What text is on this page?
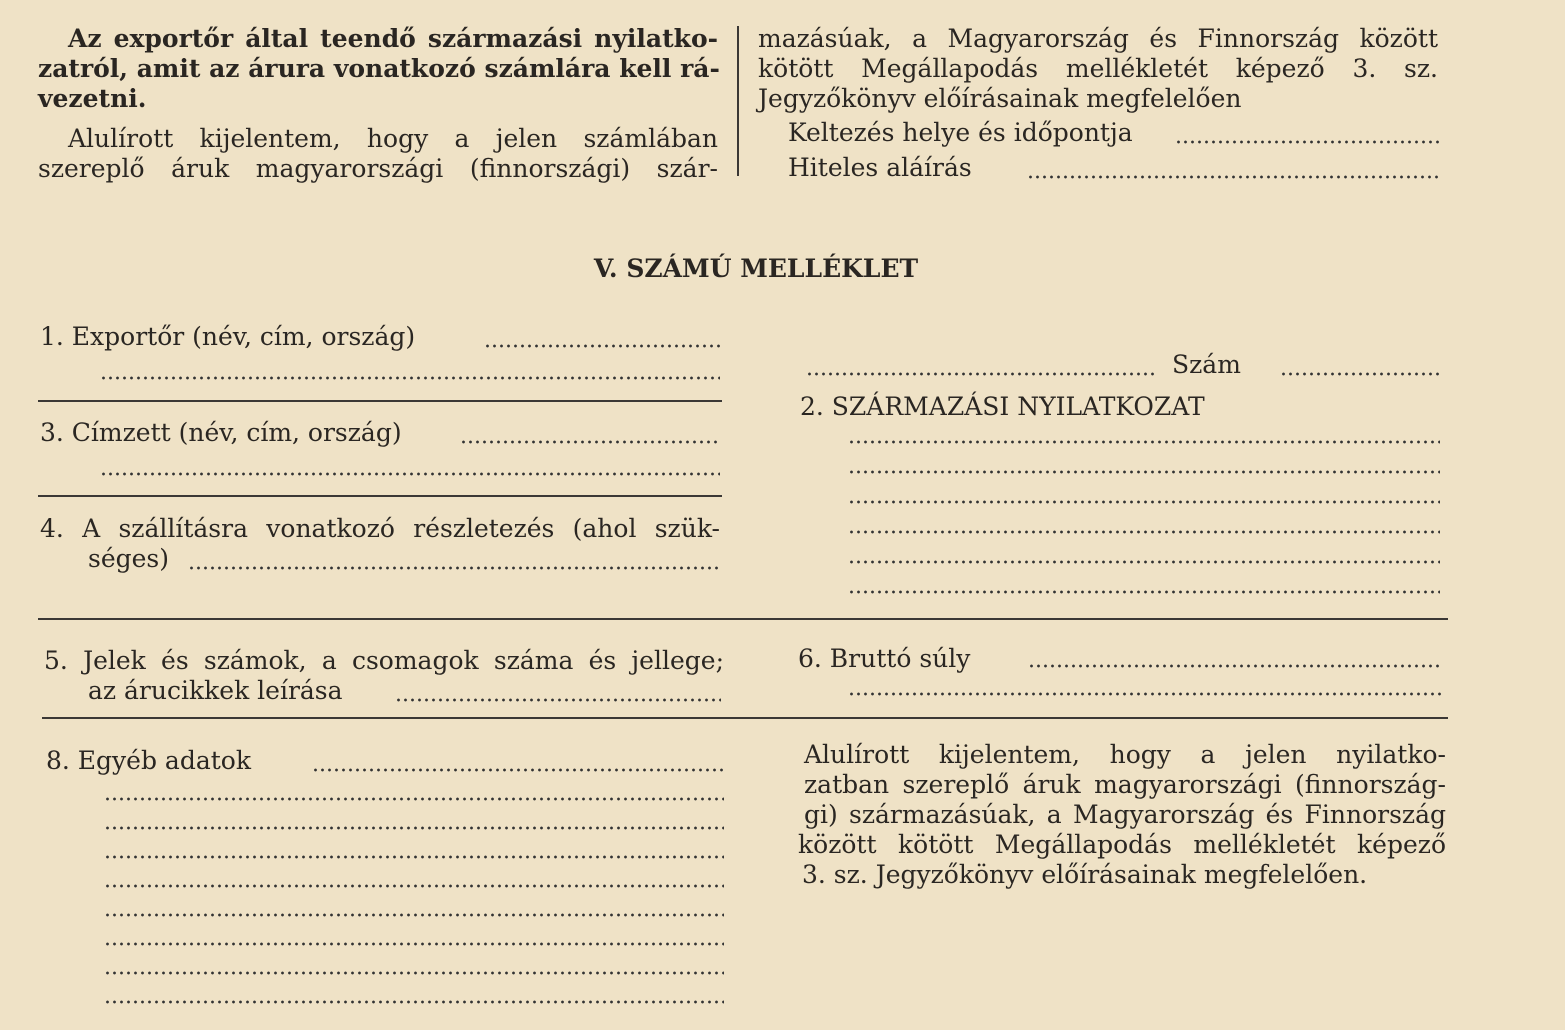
Az exportőr által teendő származási nyilatko-
zatról, amit az árura vonatkozó számlára kell rá-
vezetni.
Alulírott kijelentem, hogy a jelen számlában
szereplő áruk magyarországi (finnországi) szár-
mazásúak, a Magyarország és Finnország között
kötött Megállapodás mellékletét képező 3. sz.
Jegyzőkönyv előírásainak megfelelően
Keltezés helye és időpontja
Hiteles aláírás
V. SZÁMÚ MELLÉKLET
1. Exportőr (név, cím, ország)
3. Címzett (név, cím, ország)
4. A szállításra vonatkozó részletezés (ahol szük-
séges)
5. Jelek és számok, a csomagok száma és jellege;
az árucikkek leírása
8. Egyéb adatok
Szám
2. SZÁRMAZÁSI NYILATKOZAT
6. Bruttó súly
Alulírott kijelentem, hogy a jelen nyilatko-
zatban szereplő áruk magyarországi (finnország-
gi) származásúak, a Magyarország és Finnország
között kötött Megállapodás mellékletét képező
3. sz. Jegyzőkönyv előírásainak megfelelően.
